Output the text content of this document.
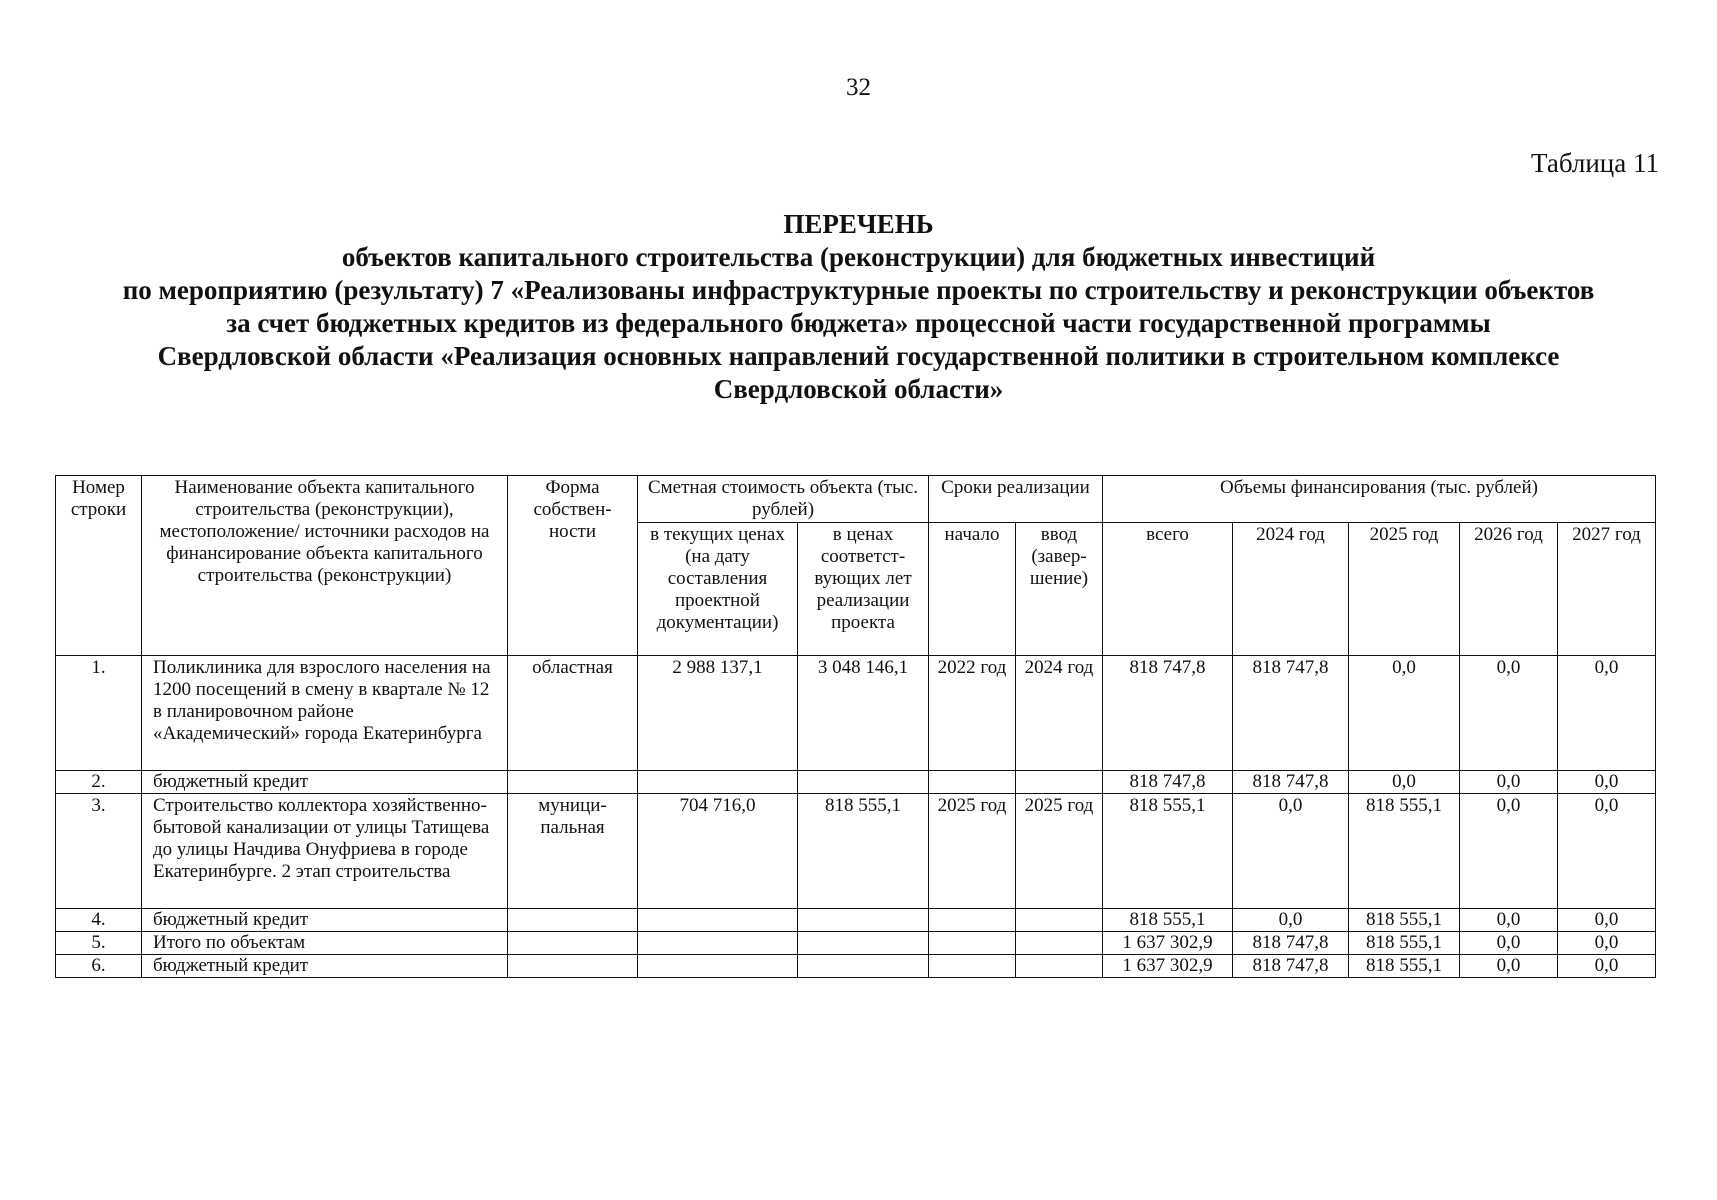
32
Таблица 11
ПЕРЕЧЕНЬ
объектов капитального строительства (реконструкции) для бюджетных инвестиций
по мероприятию (результату) 7 «Реализованы инфраструктурные проекты по строительству и реконструкции объектов
за счет бюджетных кредитов из федерального бюджета» процессной части государственной программы
Свердловской области «Реализация основных направлений государственной политики в строительном комплексе
Свердловской области»
Номер строки	Наименование объекта капитального строительства (реконструкции), местоположение/ источники расходов на финансирование объекта капитального строительства (реконструкции)	Форма собствен- ности	Сметная стоимость объекта (тыс. рублей)		Сроки реализации		Объемы финансирования (тыс. рублей)				
			в текущих ценах (на дату составления проектной документации)	в ценах соответст- вующих лет реализации проекта	начало	ввод (завер- шение)	всего	2024 год	2025 год	2026 год	2027 год
1.	Поликлиника для взрослого населения на 1200 посещений в смену в квартале № 12 в планировочном районе «Академический» города Екатеринбурга	областная	2 988 137,1	3 048 146,1	2022 год	2024 год	818 747,8	818 747,8	0,0	0,0	0,0
2.	бюджетный кредит						818 747,8	818 747,8	0,0	0,0	0,0
3.	Строительство коллектора хозяйственно-бытовой канализации от улицы Татищева до улицы Начдива Онуфриева в городе Екатеринбурге. 2 этап строительства	муници- пальная	704 716,0	818 555,1	2025 год	2025 год	818 555,1	0,0	818 555,1	0,0	0,0
4.	бюджетный кредит						818 555,1	0,0	818 555,1	0,0	0,0
5.	Итого по объектам						1 637 302,9	818 747,8	818 555,1	0,0	0,0
6.	бюджетный кредит						1 637 302,9	818 747,8	818 555,1	0,0	0,0
